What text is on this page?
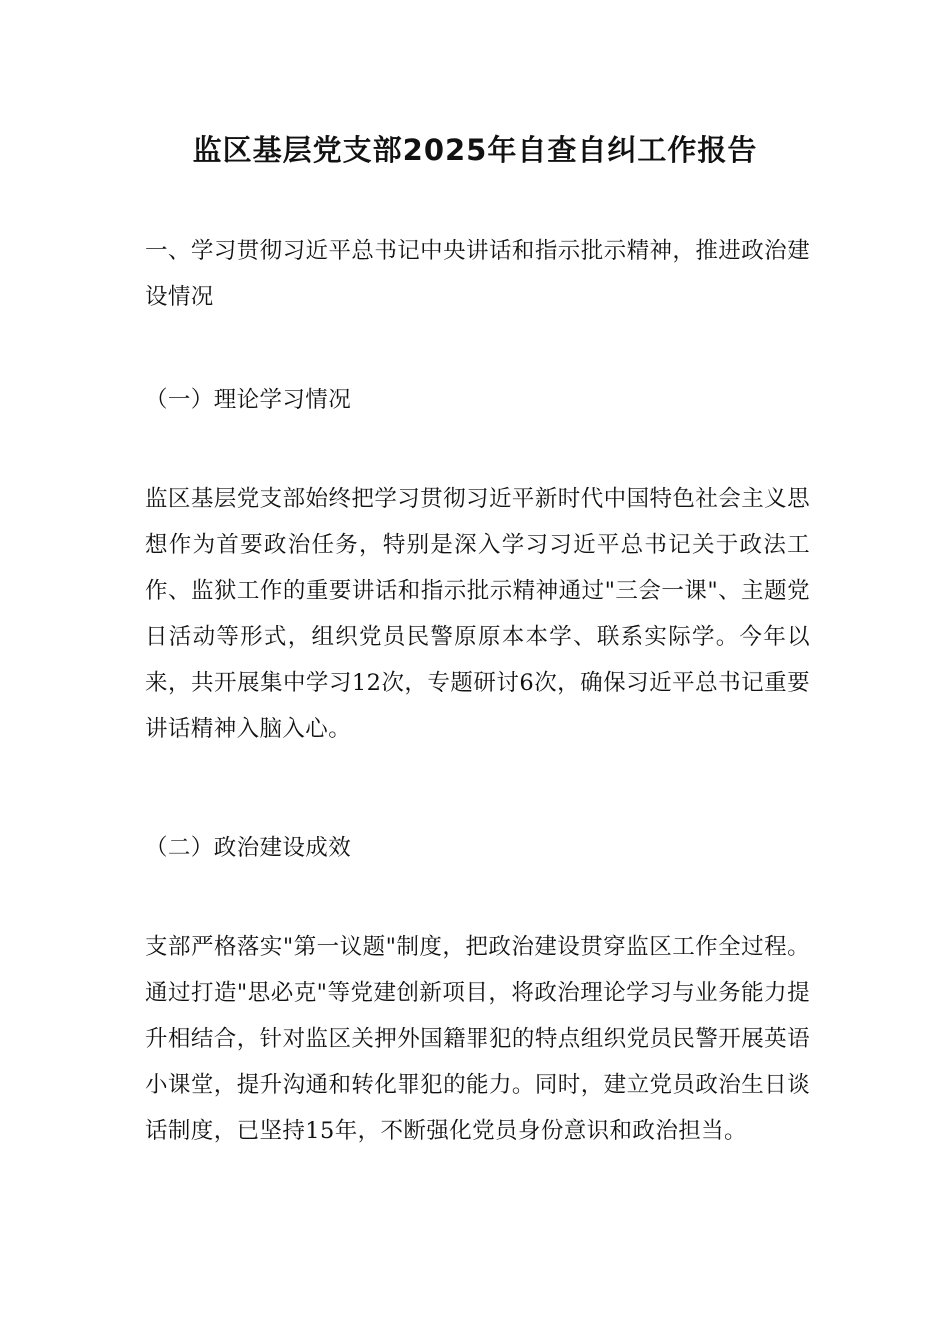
监区基层党支部2025年自查自纠工作报告

一、学习贯彻习近平总书记中央讲话和指示批示精神，推进政治建设情况

（一）理论学习情况

监区基层党支部始终把学习贯彻习近平新时代中国特色社会主义思想作为首要政治任务，特别是深入学习习近平总书记关于政法工作、监狱工作的重要讲话和指示批示精神通过"三会一课"、主题党日活动等形式，组织党员民警原原本本学、联系实际学。今年以来，共开展集中学习12次，专题研讨6次，确保习近平总书记重要讲话精神入脑入心。

（二）政治建设成效

支部严格落实"第一议题"制度，把政治建设贯穿监区工作全过程。通过打造"思必克"等党建创新项目，将政治理论学习与业务能力提升相结合，针对监区关押外国籍罪犯的特点组织党员民警开展英语小课堂，提升沟通和转化罪犯的能力。同时，建立党员政治生日谈话制度，已坚持15年，不断强化党员身份意识和政治担当。
